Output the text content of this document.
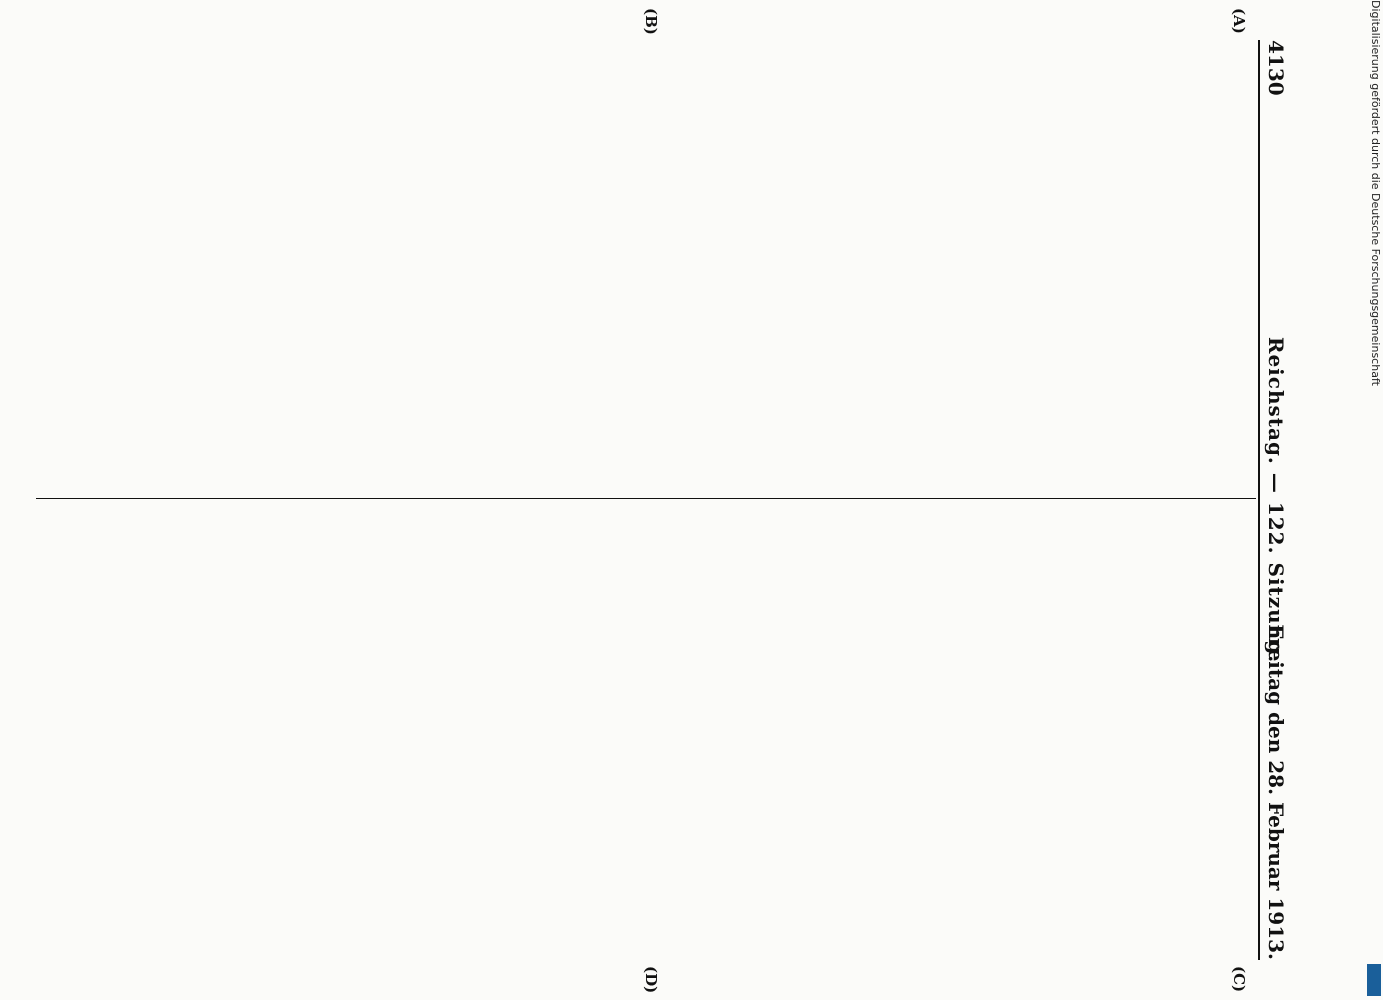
4130
Reichstag. — 122. Sitzung.
Freitag den 28. Februar 1913.
(A)
(B)
(C)
(D)
Digitalisierung gefördert durch die Deutsche Forschungsgemeinschaft
